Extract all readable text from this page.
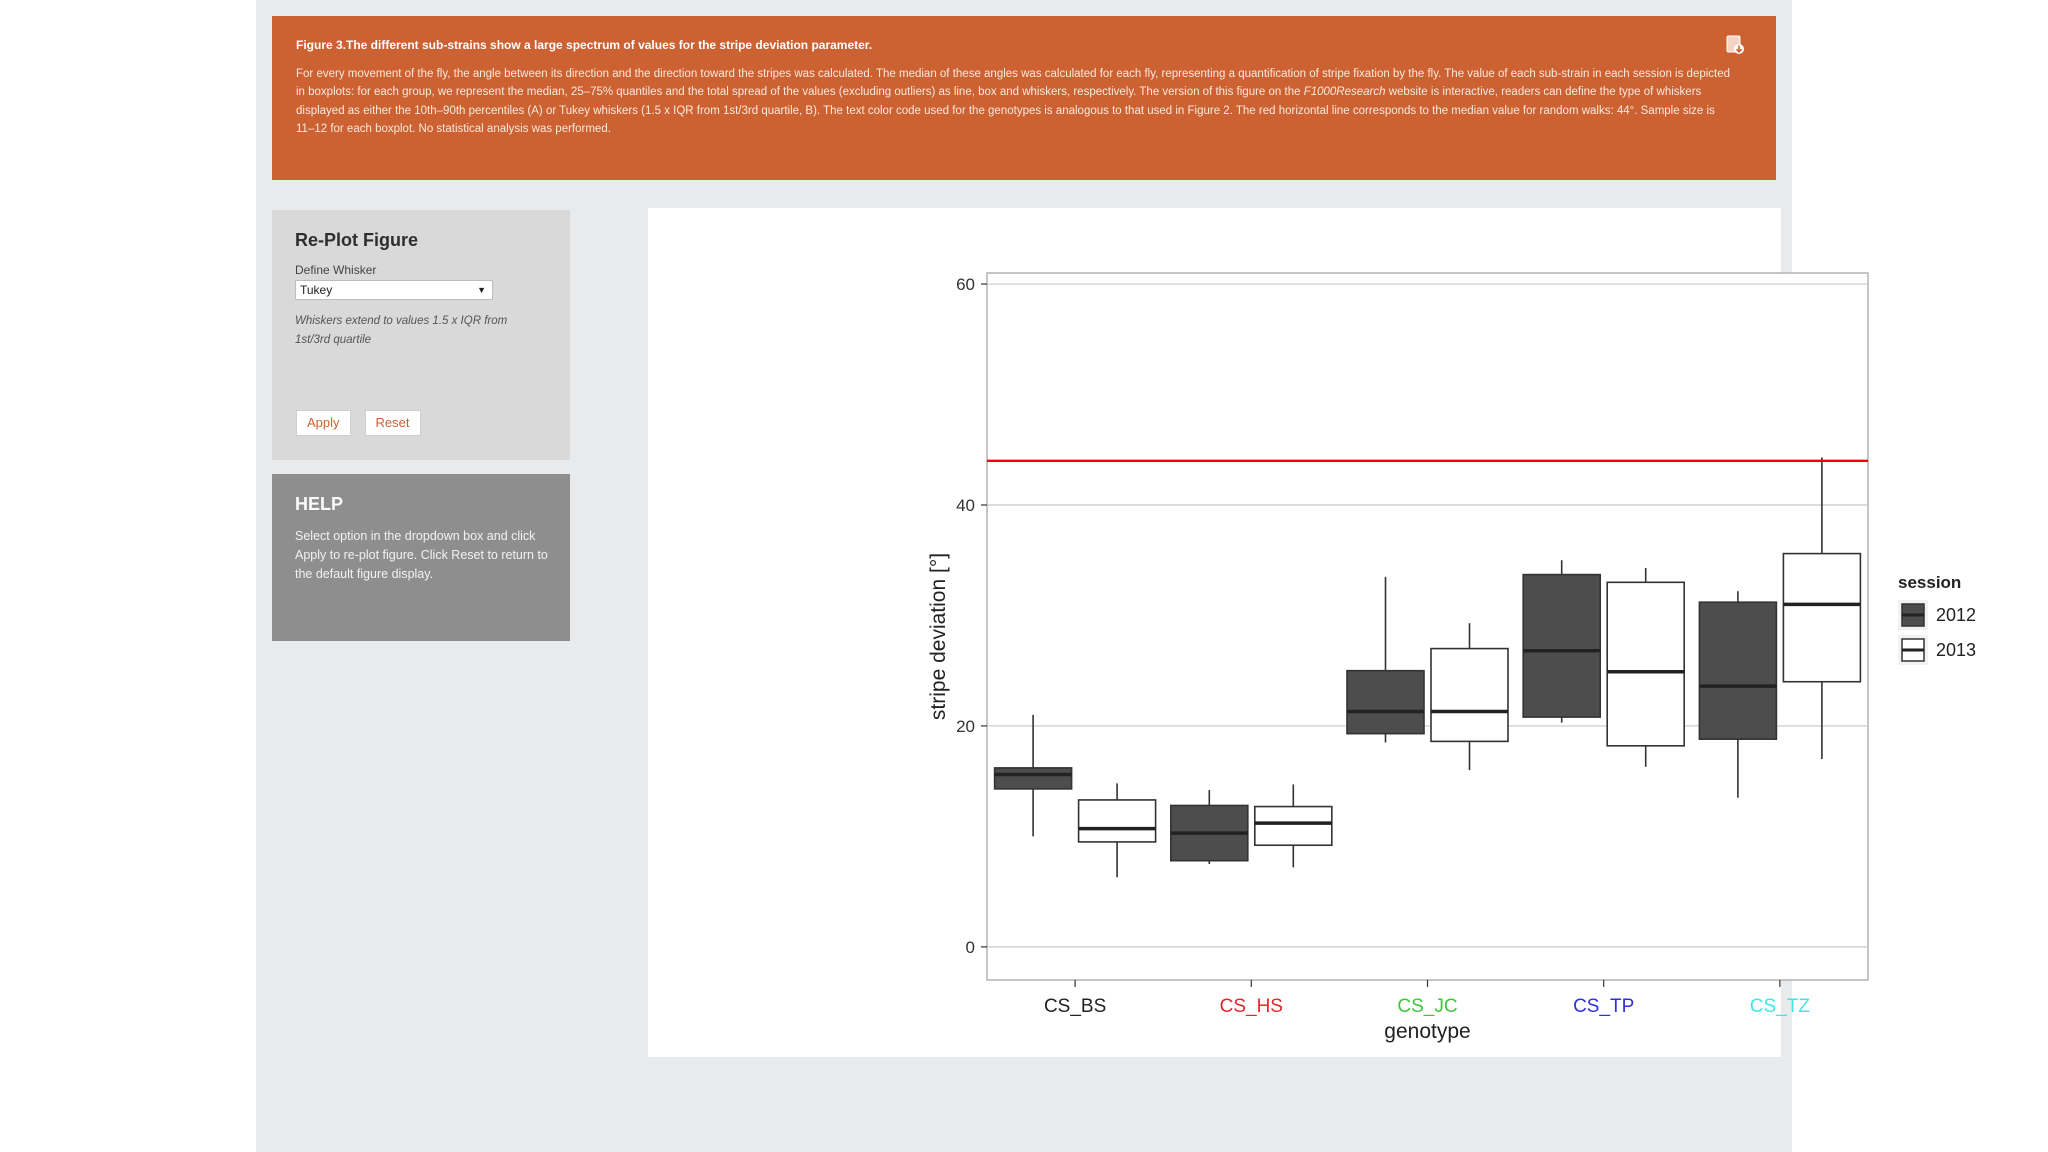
Figure 3.The different sub-strains show a large spectrum of values for the stripe deviation parameter.
For every movement of the fly, the angle between its direction and the direction toward the stripes was calculated. The median of these angles was calculated for each fly, representing a quantification of stripe fixation by the fly. The value of each sub-strain in each session is depicted in boxplots: for each group, we represent the median, 25–75% quantiles and the total spread of the values (excluding outliers) as line, box and whiskers, respectively. The version of this figure on the F1000Research website is interactive, readers can define the type of whiskers displayed as either the 10th–90th percentiles (A) or Tukey whiskers (1.5 x IQR from 1st/3rd quartile, B). The text color code used for the genotypes is analogous to that used in Figure 2. The red horizontal line corresponds to the median value for random walks: 44°. Sample size is 11–12 for each boxplot. No statistical analysis was performed.
Re-Plot Figure
Define Whisker
Tukey	▼
Whiskers extend to values 1.5 x IQR from 1st/3rd quartile
Apply	Reset
HELP
Select option in the dropdown box and click Apply to re-plot figure. Click Reset to return to the default figure display.
0
20
40
60
stripe deviation [°]
CS_BS	CS_HS	CS_JC	CS_TP	CS_TZ
genotype
session
2012
2013
